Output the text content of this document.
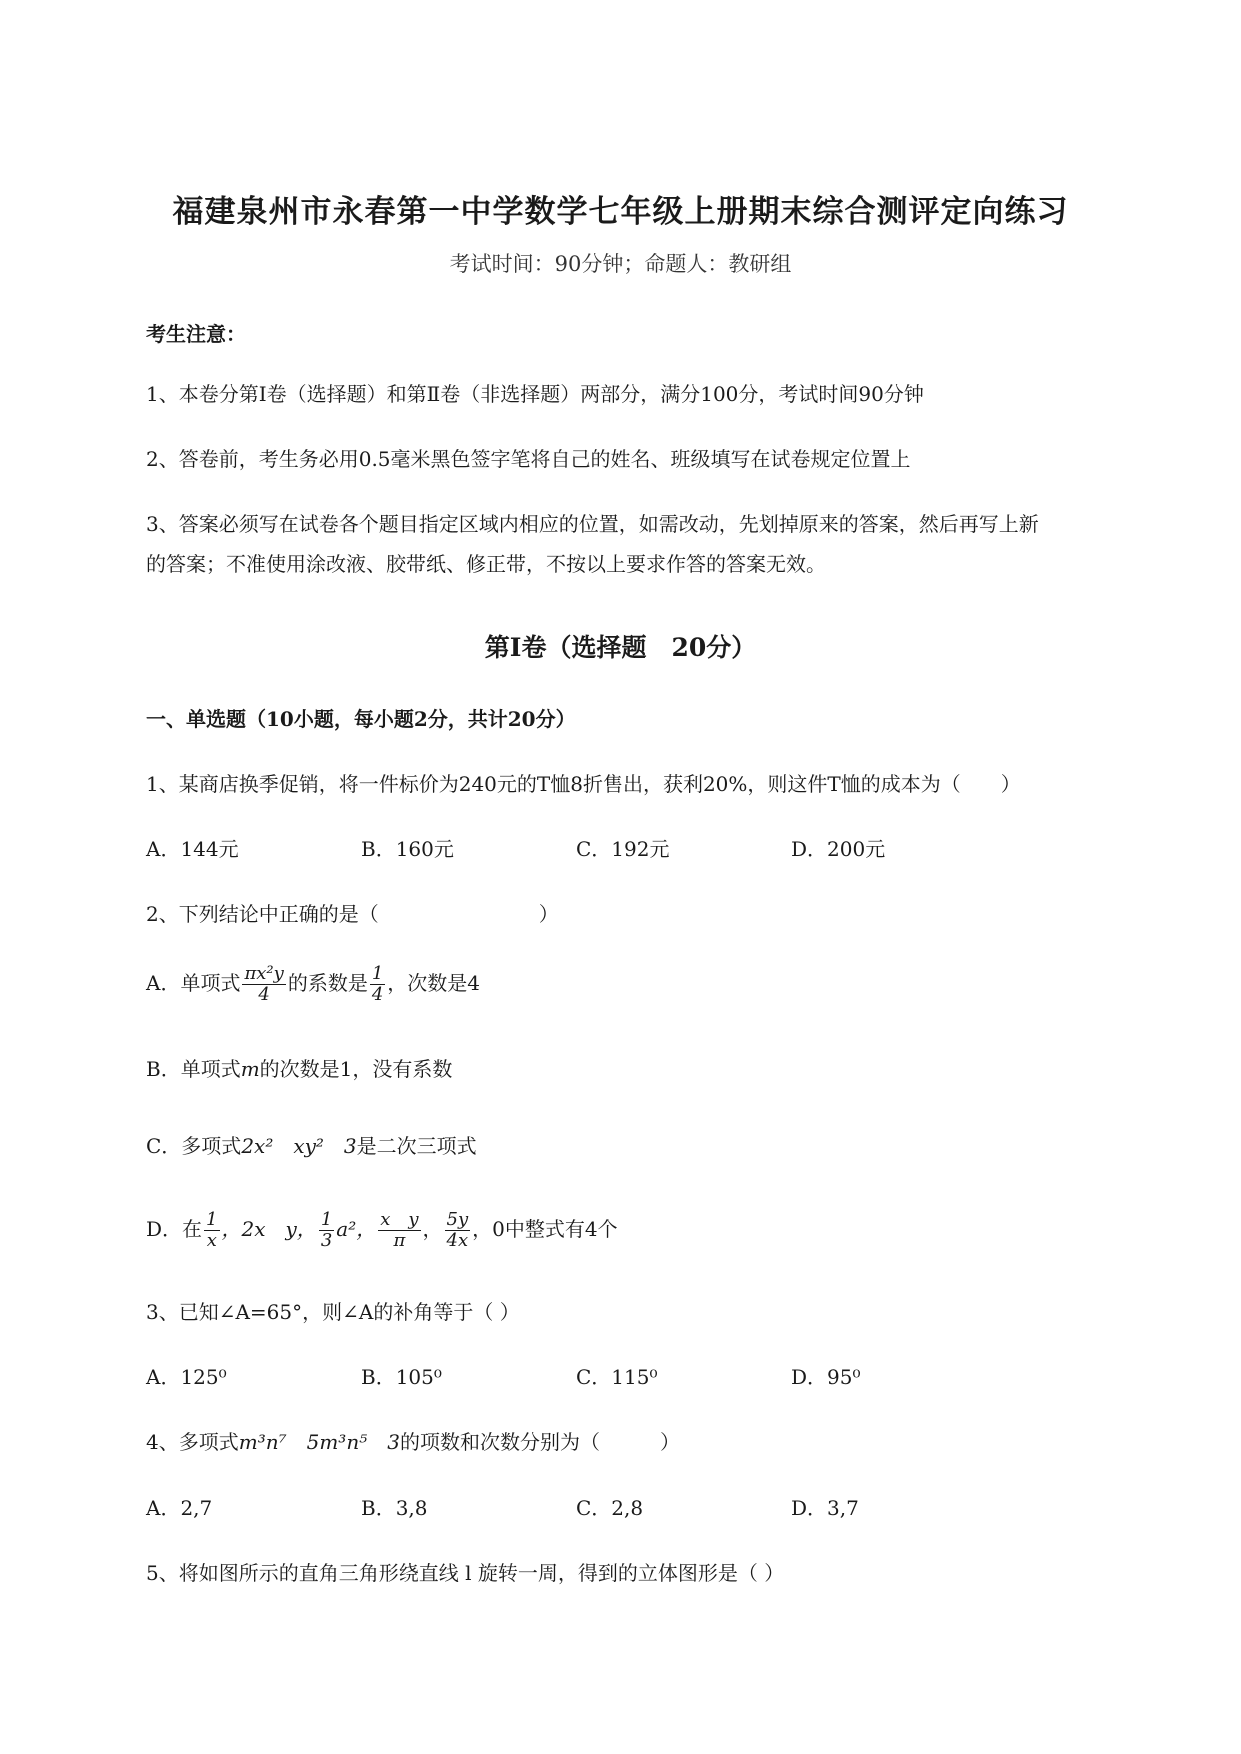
福建泉州市永春第一中学数学七年级上册期末综合测评定向练习
考试时间：90分钟；命题人：教研组
考生注意：
1、本卷分第I卷（选择题）和第Ⅱ卷（非选择题）两部分，满分100分，考试时间90分钟
2、答卷前，考生务必用0.5毫米黑色签字笔将自己的姓名、班级填写在试卷规定位置上
3、答案必须写在试卷各个题目指定区域内相应的位置，如需改动，先划掉原来的答案，然后再写上新
的答案；不准使用涂改液、胶带纸、修正带，不按以上要求作答的答案无效。
第I卷（选择题　20分）
一、单选题（10小题，每小题2分，共计20分）
1、某商店换季促销，将一件标价为240元的T恤8折售出，获利20%，则这件T恤的成本为（　　）
A．144元	B．160元	C．192元	D．200元
2、下列结论中正确的是（　　　　　　　　）
A．单项式 $\frac{\text{πx²y}}{4}$ 的系数是 $\frac{1}{4}$ ，次数是4
B．单项式m的次数是1，没有系数
C．多项式2x²　xy²　3是二次三项式
D．在 $\frac{1}{x}$ ，2x　y， $\frac{1}{3} a^2$， $\frac{\text{x　y}}{\pi}$ ， $\frac{5y}{4x}$ ，0中整式有4个
3、已知∠A=65°，则∠A的补角等于（ ）
A．125⁰	B．105⁰	C．115⁰	D．95⁰
4、多项式m³n⁷　5m³n⁵　3的项数和次数分别为（　　　）
A．2,7	B．3,8	C．2,8	D．3,7
5、将如图所示的直角三角形绕直线 l 旋转一周，得到的立体图形是（ ）
